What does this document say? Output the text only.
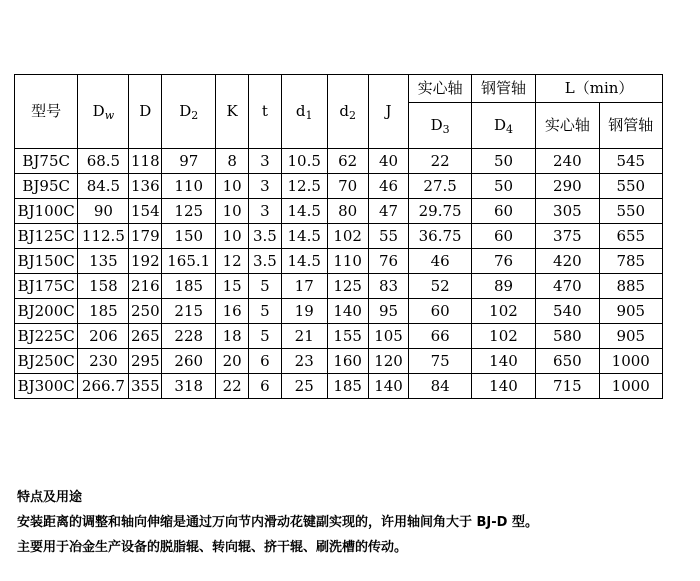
型号	$D_w$	D	$D_2$	K	t	$d_1$	$d_2$	J	实心轴	钢管轴	L（min）	
									$D_3$	$D_4$	实心轴	钢管轴
BJ75C	68.5	118	97	8	3	10.5	62	40	22	50	240	545
BJ95C	84.5	136	110	10	3	12.5	70	46	27.5	50	290	550
BJ100C	90	154	125	10	3	14.5	80	47	29.75	60	305	550
BJ125C	112.5	179	150	10	3.5	14.5	102	55	36.75	60	375	655
BJ150C	135	192	165.1	12	3.5	14.5	110	76	46	76	420	785
BJ175C	158	216	185	15	5	17	125	83	52	89	470	885
BJ200C	185	250	215	16	5	19	140	95	60	102	540	905
BJ225C	206	265	228	18	5	21	155	105	66	102	580	905
BJ250C	230	295	260	20	6	23	160	120	75	140	650	1000
BJ300C	266.7	355	318	22	6	25	185	140	84	140	715	1000
特点及用途
安装距离的调整和轴向伸缩是通过万向节内滑动花键副实现的，许用轴间角大于 BJ-D 型。
主要用于冶金生产设备的脱脂辊、转向辊、挤干辊、刷洗槽的传动。
